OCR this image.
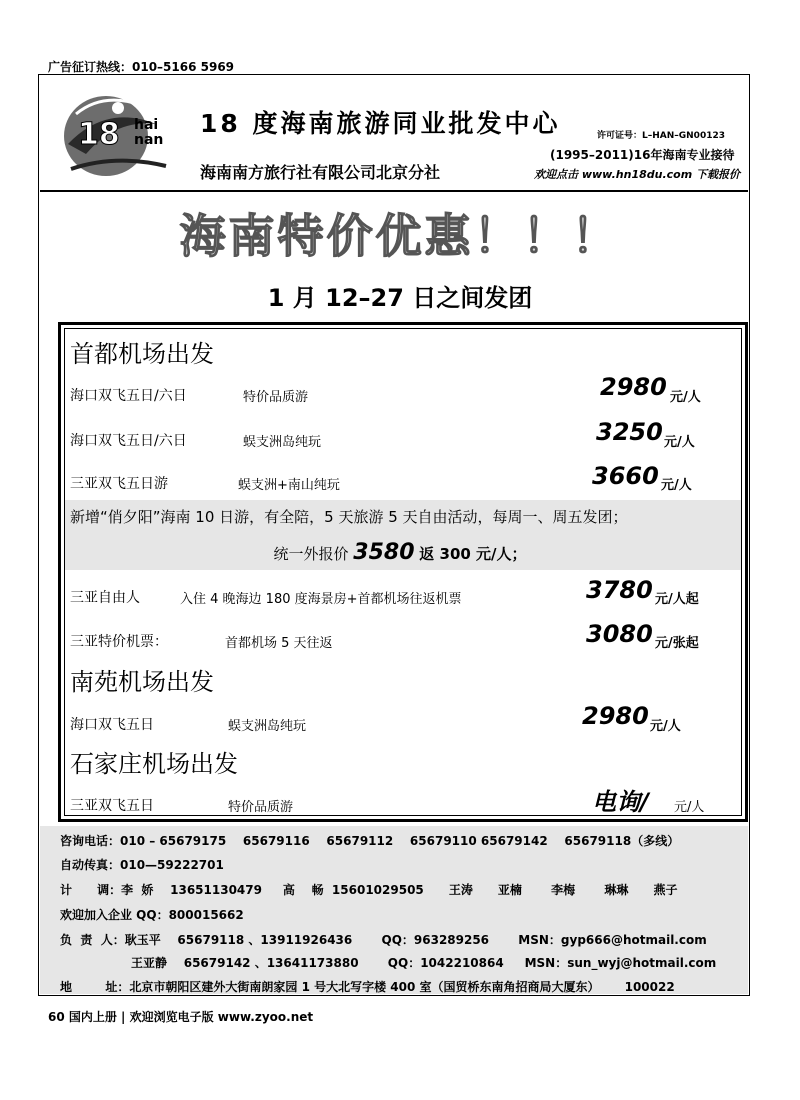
广告征订热线：010–5166 5969
18 hai
nan
18 度海南旅游同业批发中心	许可证号：L–HAN–GN00123
(1995–2011)16年海南专业接待
海南南方旅行社有限公司北京分社	欢迎点击 www.hn18du.com 下载报价
海南特价优惠！！！
1 月 12–27 日之间发团
首都机场出发
海口双飞五日/六日	特价品质游	2980 元/人
海口双飞五日/六日	蜈支洲岛纯玩	3250 元/人
三亚双飞五日游	蜈支洲+南山纯玩	3660 元/人
新增“俏夕阳”海南 10 日游，有全陪，5 天旅游 5 天自由活动，每周一、周五发团；
统一外报价 3580 返 300 元/人；
三亚自由人	入住 4 晚海边 180 度海景房+首都机场往返机票	3780 元/人起
三亚特价机票：	首都机场 5 天往返	3080 元/张起
南苑机场出发
海口双飞五日	蜈支洲岛纯玩	2980 元/人
石家庄机场出发
三亚双飞五日	特价品质游	电询/ 元/人
咨询电话：010 – 65679175    65679116    65679112    65679110 65679142    65679118（多线）
自动传真：010—59222701
计      调：李  娇    13651130479     高    畅  15601029505      王涛      亚楠       李梅       琳琳      燕子
欢迎加入企业 QQ：800015662
负  责  人：耿玉平    65679118 、13911926436       QQ：963289256       MSN：gyp666@hotmail.com
王亚静    65679142 、13641173880       QQ：1042210864     MSN：sun_wyj@hotmail.com
地        址：北京市朝阳区建外大街南朗家园 1 号大北写字楼 400 室（国贸桥东南角招商局大厦东）      100022
60 国内上册 | 欢迎浏览电子版 www.zyoo.net
